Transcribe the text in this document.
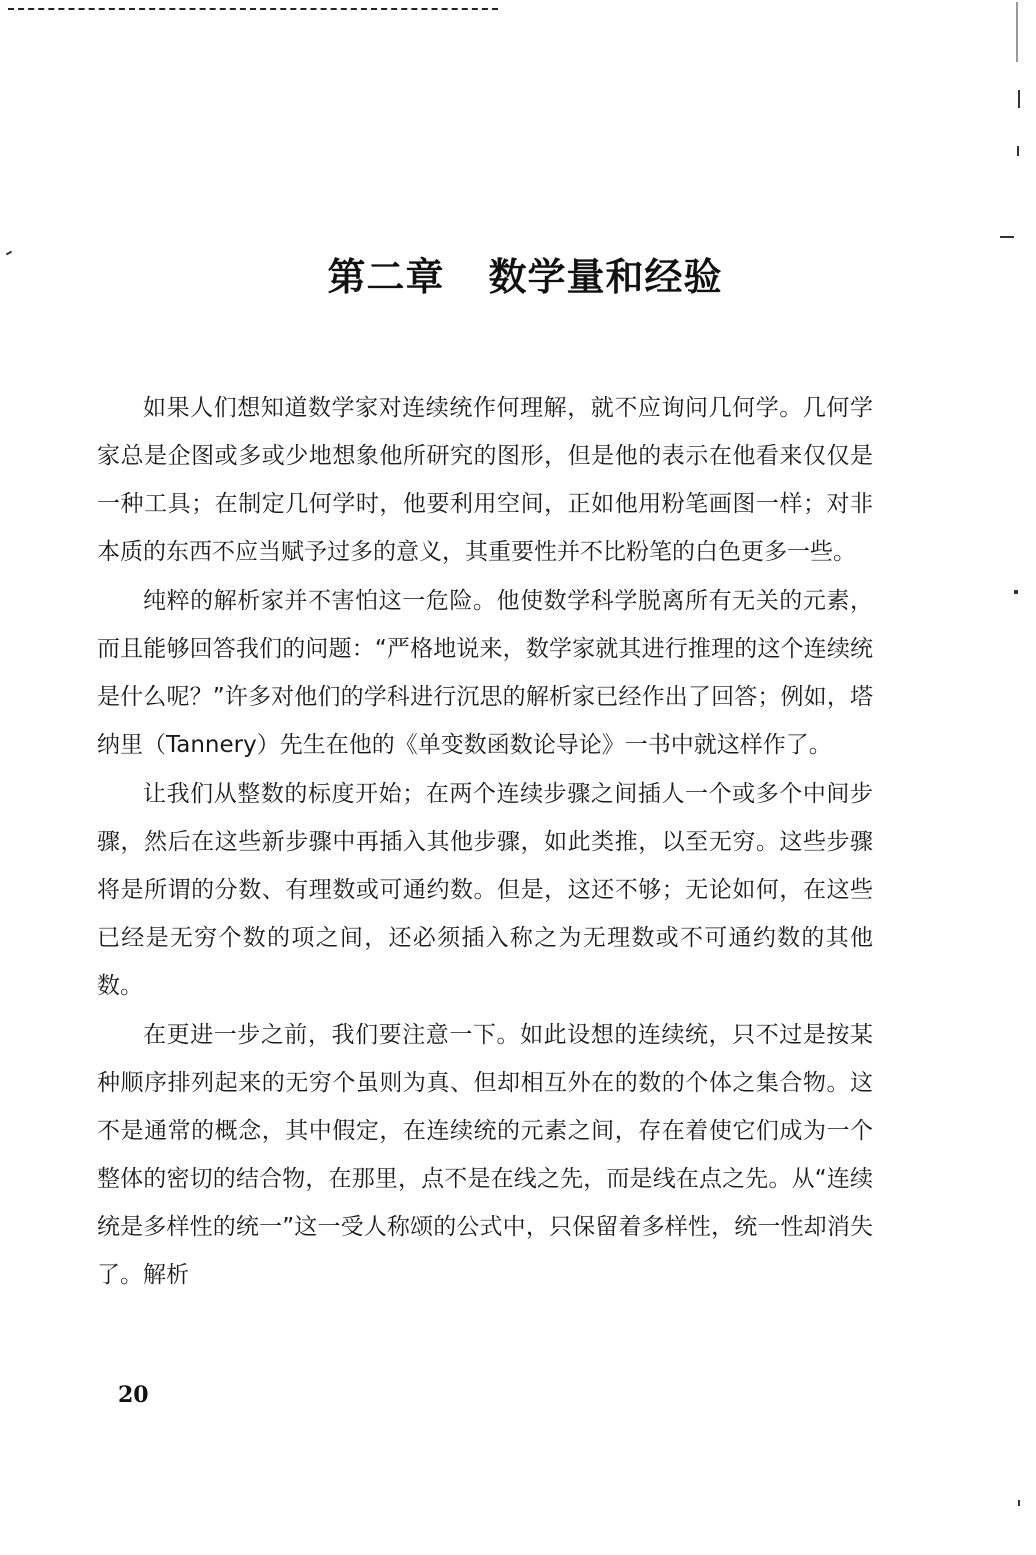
第二章 数学量和经验

如果人们想知道数学家对连续统作何理解，就不应询问几何学。几何学家总是企图或多或少地想象他所研究的图形，但是他的表示在他看来仅仅是一种工具；在制定几何学时，他要利用空间，正如他用粉笔画图一样；对非本质的东西不应当赋予过多的意义，其重要性并不比粉笔的白色更多一些。

纯粹的解析家并不害怕这一危险。他使数学科学脱离所有无关的元素，而且能够回答我们的问题：“严格地说来，数学家就其进行推理的这个连续统是什么呢？”许多对他们的学科进行沉思的解析家已经作出了回答；例如，塔纳里（Tannery）先生在他的《单变数函数论导论》一书中就这样作了。

让我们从整数的标度开始；在两个连续步骤之间插人一个或多个中间步骤，然后在这些新步骤中再插入其他步骤，如此类推，以至无穷。这些步骤将是所谓的分数、有理数或可通约数。但是，这还不够；无论如何，在这些已经是无穷个数的项之间，还必须插入称之为无理数或不可通约数的其他数。

在更进一步之前，我们要注意一下。如此设想的连续统，只不过是按某种顺序排列起来的无穷个虽则为真、但却相互外在的数的个体之集合物。这不是通常的概念，其中假定，在连续统的元素之间，存在着使它们成为一个整体的密切的结合物，在那里，点不是在线之先，而是线在点之先。从“连续统是多样性的统一”这一受人称颂的公式中，只保留着多样性，统一性却消失了。解析

20
